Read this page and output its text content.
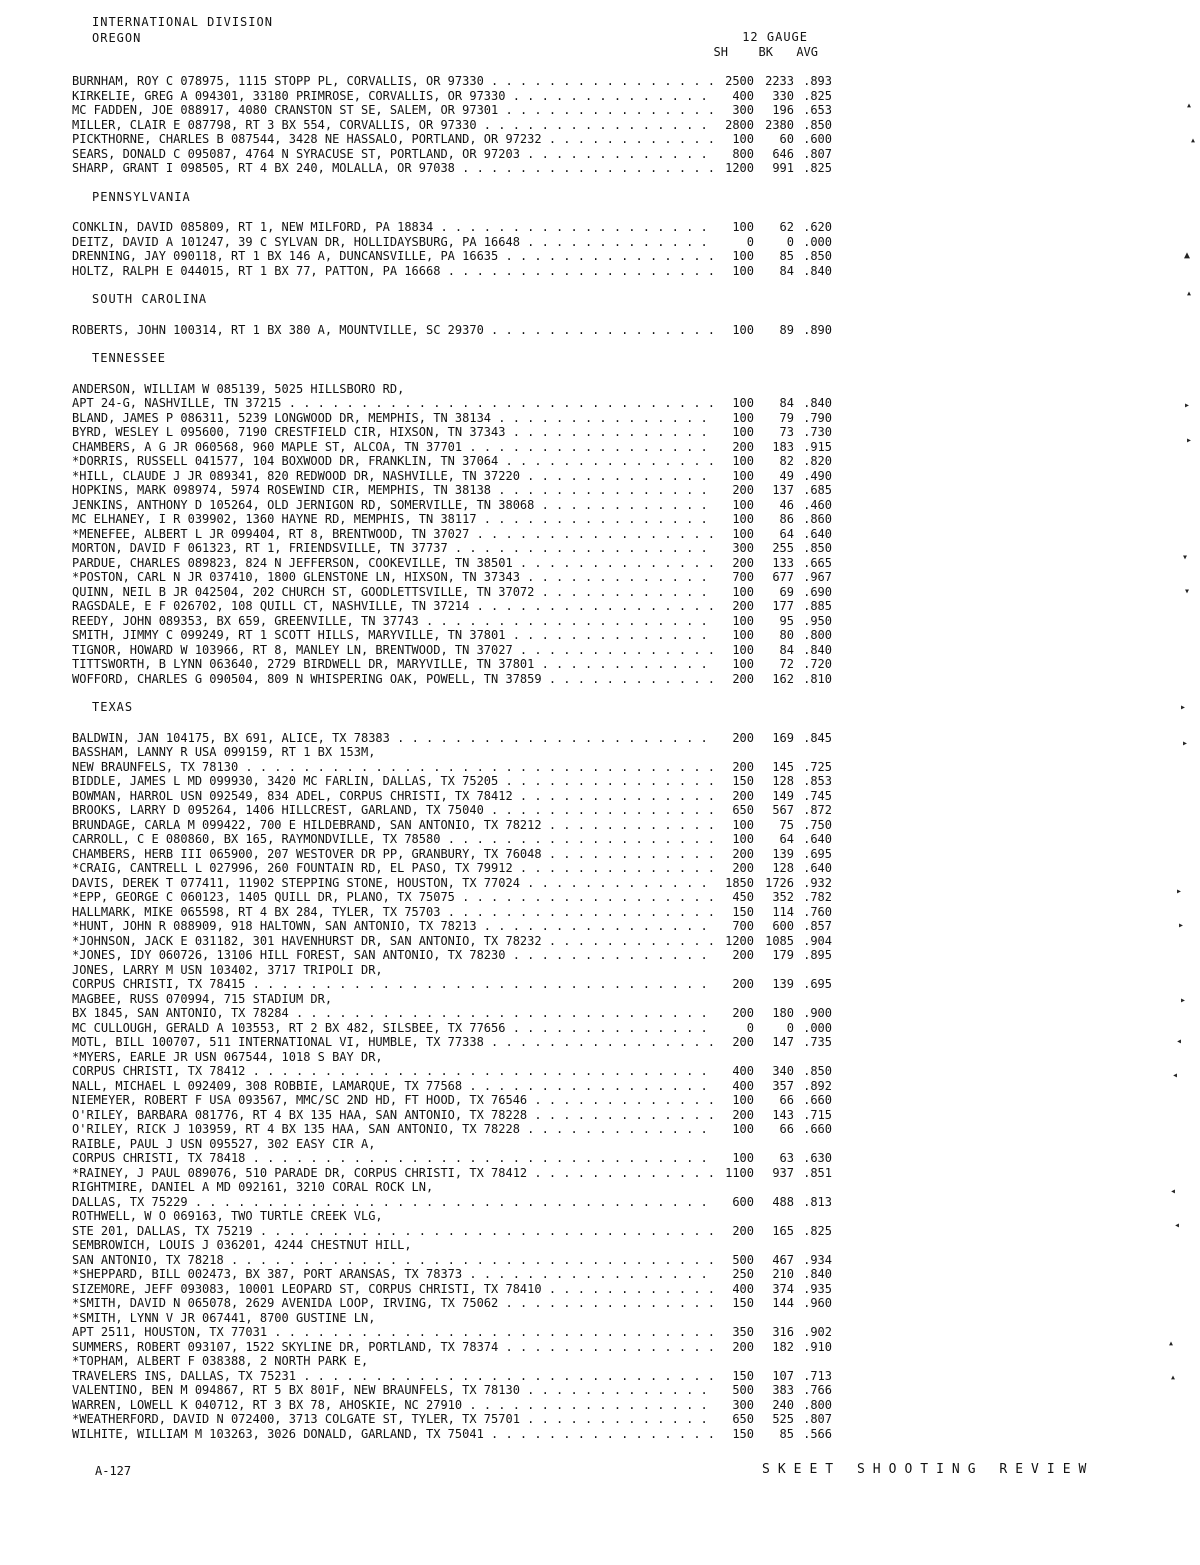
INTERNATIONAL DIVISION
OREGON	12 GAUGE
SH	BK	AVG
BURNHAM, ROY C 078975, 1115 STOPP PL, CORVALLIS, OR 97330 . . .	2500 2233 .893
KIRKELIE, GREG A 094301, 33180 PRIMROSE, CORVALLIS, OR 97330 . . .	400	330 .825
MC FADDEN, JOE 088917, 4080 CRANSTON ST SE, SALEM, OR 97301 . . .	300	196 .653
MILLER, CLAIR E 087798, RT 3 BX 554, CORVALLIS, OR 97330 . . .	2800 2380 .850
PICKTHORNE, CHARLES B 087544, 3428 NE HASSALO, PORTLAND, OR 97232 . . .	100	60 .600
SEARS, DONALD C 095087, 4764 N SYRACUSE ST, PORTLAND, OR 97203 . . .	800	646 .807
SHARP, GRANT I 098505, RT 4 BX 240, MOLALLA, OR 97038 . . .	1200	991 .825
PENNSYLVANIA
CONKLIN, DAVID 085809, RT 1, NEW MILFORD, PA 18834 . . .	100	62 .620
DEITZ, DAVID A 101247, 39 C SYLVAN DR, HOLLIDAYSBURG, PA 16648 . . .	0	0 .000
DRENNING, JAY 090118, RT 1 BX 146 A, DUNCANSVILLE, PA 16635 . . .	100	85 .850
HOLTZ, RALPH E 044015, RT 1 BX 77, PATTON, PA 16668 . . .	100	84 .840
SOUTH CAROLINA
ROBERTS, JOHN 100314, RT 1 BX 380 A, MOUNTVILLE, SC 29370 . . .	100	89 .890
TENNESSEE
ANDERSON, WILLIAM W 085139, 5025 HILLSBORO RD,
APT 24-G, NASHVILLE, TN 37215 . . .	100	84 .840
BLAND, JAMES P 086311, 5239 LONGWOOD DR, MEMPHIS, TN 38134 . . .	100	79 .790
BYRD, WESLEY L 095600, 7190 CRESTFIELD CIR, HIXSON, TN 37343 . . .	100	73 .730
CHAMBERS, A G JR 060568, 960 MAPLE ST, ALCOA, TN 37701 . . .	200	183 .915
*DORRIS, RUSSELL 041577, 104 BOXWOOD DR, FRANKLIN, TN 37064 . . .	100	82 .820
*HILL, CLAUDE J JR 089341, 820 REDWOOD DR, NASHVILLE, TN 37220 . . .	100	49 .490
HOPKINS, MARK 098974, 5974 ROSEWIND CIR, MEMPHIS, TN 38138 . . .	200	137 .685
JENKINS, ANTHONY D 105264, OLD JERNIGON RD, SOMERVILLE, TN 38068 . . .	100	46 .460
MC ELHANEY, I R 039902, 1360 HAYNE RD, MEMPHIS, TN 38117 . . .	100	86 .860
*MENEFEE, ALBERT L JR 099404, RT 8, BRENTWOOD, TN 37027 . . .	100	64 .640
MORTON, DAVID F 061323, RT 1, FRIENDSVILLE, TN 37737 . . .	300	255 .850
PARDUE, CHARLES 089823, 824 N JEFFERSON, COOKEVILLE, TN 38501 . . .	200	133 .665
*POSTON, CARL N JR 037410, 1800 GLENSTONE LN, HIXSON, TN 37343 . . .	700	677 .967
QUINN, NEIL B JR 042504, 202 CHURCH ST, GOODLETTSVILLE, TN 37072 . . .	100	69 .690
RAGSDALE, E F 026702, 108 QUILL CT, NASHVILLE, TN 37214 . . .	200	177 .885
REEDY, JOHN 089353, BX 659, GREENVILLE, TN 37743 . . .	100	95 .950
SMITH, JIMMY C 099249, RT 1 SCOTT HILLS, MARYVILLE, TN 37801 . . .	100	80 .800
TIGNOR, HOWARD W 103966, RT 8, MANLEY LN, BRENTWOOD, TN 37027 . . .	100	84 .840
TITTSWORTH, B LYNN 063640, 2729 BIRDWELL DR, MARYVILLE, TN 37801 . . .	100	72 .720
WOFFORD, CHARLES G 090504, 809 N WHISPERING OAK, POWELL, TN 37859 . . .	200	162 .810
TEXAS
BALDWIN, JAN 104175, BX 691, ALICE, TX 78383 . . .	200	169 .845
BASSHAM, LANNY R USA 099159, RT 1 BX 153M,
NEW BRAUNFELS, TX 78130 . . .	200	145 .725
BIDDLE, JAMES L MD 099930, 3420 MC FARLIN, DALLAS, TX 75205 . . .	150	128 .853
BOWMAN, HARROL USN 092549, 834 ADEL, CORPUS CHRISTI, TX 78412 . . .	200	149 .745
BROOKS, LARRY D 095264, 1406 HILLCREST, GARLAND, TX 75040 . . .	650	567 .872
BRUNDAGE, CARLA M 099422, 700 E HILDEBRAND, SAN ANTONIO, TX 78212 . . .	100	75 .750
CARROLL, C E 080860, BX 165, RAYMONDVILLE, TX 78580 . . .	100	64 .640
CHAMBERS, HERB III 065900, 207 WESTOVER DR PP, GRANBURY, TX 76048 . . .	200	139 .695
*CRAIG, CANTRELL L 027996, 260 FOUNTAIN RD, EL PASO, TX 79912 . . .	200	128 .640
DAVIS, DEREK T 077411, 11902 STEPPING STONE, HOUSTON, TX 77024 . . .	1850 1726 .932
*EPP, GEORGE C 060123, 1405 QUILL DR, PLANO, TX 75075 . . .	450	352 .782
HALLMARK, MIKE 065598, RT 4 BX 284, TYLER, TX 75703 . . .	150	114 .760
*HUNT, JOHN R 088909, 918 HALTOWN, SAN ANTONIO, TX 78213 . . .	700	600 .857
*JOHNSON, JACK E 031182, 301 HAVENHURST DR, SAN ANTONIO, TX 78232 . . .	1200 1085 .904
*JONES, IDY 060726, 13106 HILL FOREST, SAN ANTONIO, TX 78230 . . .	200	179 .895
JONES, LARRY M USN 103402, 3717 TRIPOLI DR,
CORPUS CHRISTI, TX 78415 . . .	200	139 .695
MAGBEE, RUSS 070994, 715 STADIUM DR,
BX 1845, SAN ANTONIO, TX 78284 . . .	200	180 .900
MC CULLOUGH, GERALD A 103553, RT 2 BX 482, SILSBEE, TX 77656 . . .	0	0 .000
MOTL, BILL 100707, 511 INTERNATIONAL VI, HUMBLE, TX 77338 . . .	200	147 .735
*MYERS, EARLE JR USN 067544, 1018 S BAY DR,
CORPUS CHRISTI, TX 78412 . . .	400	340 .850
NALL, MICHAEL L 092409, 308 ROBBIE, LAMARQUE, TX 77568 . . .	400	357 .892
NIEMEYER, ROBERT F USA 093567, MMC/SC 2ND HD, FT HOOD, TX 76546 . . .	100	66 .660
O'RILEY, BARBARA 081776, RT 4 BX 135 HAA, SAN ANTONIO, TX 78228 . . .	200	143 .715
O'RILEY, RICK J 103959, RT 4 BX 135 HAA, SAN ANTONIO, TX 78228 . . .	100	66 .660
RAIBLE, PAUL J USN 095527, 302 EASY CIR A,
CORPUS CHRISTI, TX 78418 . . .	100	63 .630
*RAINEY, J PAUL 089076, 510 PARADE DR, CORPUS CHRISTI, TX 78412 . . .	1100	937 .851
RIGHTMIRE, DANIEL A MD 092161, 3210 CORAL ROCK LN,
DALLAS, TX 75229 . . .	600	488 .813
ROTHWELL, W O 069163, TWO TURTLE CREEK VLG,
STE 201, DALLAS, TX 75219 . . .	200	165 .825
SEMBROWICH, LOUIS J 036201, 4244 CHESTNUT HILL,
SAN ANTONIO, TX 78218 . . .	500	467 .934
*SHEPPARD, BILL 002473, BX 387, PORT ARANSAS, TX 78373 . . .	250	210 .840
SIZEMORE, JEFF 093083, 10001 LEOPARD ST, CORPUS CHRISTI, TX 78410 . . .	400	374 .935
*SMITH, DAVID N 065078, 2629 AVENIDA LOOP, IRVING, TX 75062 . . .	150	144 .960
*SMITH, LYNN V JR 067441, 8700 GUSTINE LN,
APT 2511, HOUSTON, TX 77031 . . .	350	316 .902
SUMMERS, ROBERT 093107, 1522 SKYLINE DR, PORTLAND, TX 78374 . . .	200	182 .910
*TOPHAM, ALBERT F 038388, 2 NORTH PARK E,
TRAVELERS INS, DALLAS, TX 75231 . . .	150	107 .713
VALENTINO, BEN M 094867, RT 5 BX 801F, NEW BRAUNFELS, TX 78130 . . .	500	383 .766
WARREN, LOWELL K 040712, RT 3 BX 78, AHOSKIE, NC 27910 . . .	300	240 .800
*WEATHERFORD, DAVID N 072400, 3713 COLGATE ST, TYLER, TX 75701 . . .	650	525 .807
WILHITE, WILLIAM M 103263, 3026 DONALD, GARLAND, TX 75041 . . .	150	85 .566
A-127	SKEET SHOOTING REVIEW
▴
▴
▲
▴
▸
▸
▾
▾
▸
▸
▸
▸
▸
◂
◂
◂
◂
▴
▴
